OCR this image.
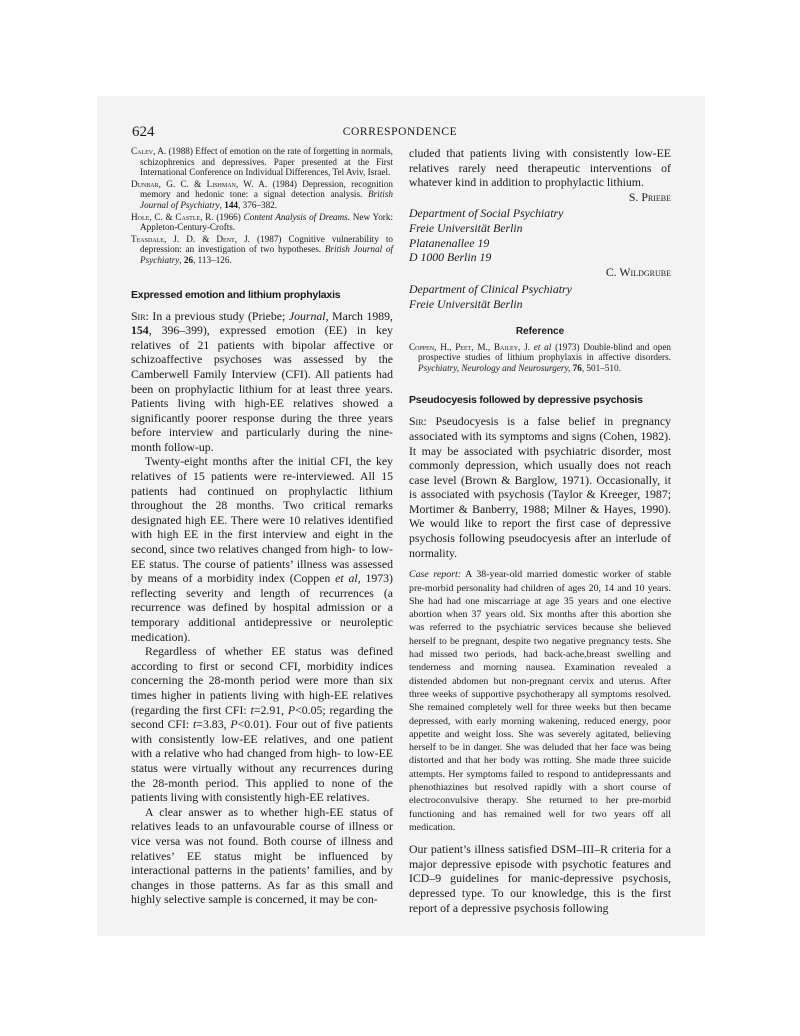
624	CORRESPONDENCE

Calev, A. (1988) Effect of emotion on the rate of forgetting in normals, schizophrenics and depressives. Paper presented at the First International Conference on Individual Differences, Tel Aviv, Israel.

Dunbar, G. C. & Lishman, W. A. (1984) Depression, recognition memory and hedonic tone: a signal detection analysis. British Journal of Psychiatry, 144, 376–382.

Hole, C. & Castle, R. (1966) Content Analysis of Dreams. New York: Appleton-Century-Crofts.

Teasdale, J. D. & Dent, J. (1987) Cognitive vulnerability to depression: an investigation of two hypotheses. British Journal of Psychiatry, 26, 113–126.

Expressed emotion and lithium prophylaxis

Sir: In a previous study (Priebe; Journal, March 1989, 154, 396–399), expressed emotion (EE) in key relatives of 21 patients with bipolar affective or schizoaffective psychoses was assessed by the Camberwell Family Interview (CFI). All patients had been on prophylactic lithium for at least three years. Patients living with high-EE relatives showed a significantly poorer response during the three years before interview and particularly during the nine-month follow-up.

Twenty-eight months after the initial CFI, the key relatives of 15 patients were re-interviewed. All 15 patients had continued on prophylactic lithium throughout the 28 months. Two critical remarks designated high EE. There were 10 relatives identified with high EE in the first interview and eight in the second, since two relatives changed from high- to low-EE status. The course of patients’ illness was assessed by means of a morbidity index (Coppen et al, 1973) reflecting severity and length of recurrences (a recurrence was defined by hospital admission or a temporary additional antidepressive or neuroleptic medication).

Regardless of whether EE status was defined according to first or second CFI, morbidity indices concerning the 28-month period were more than six times higher in patients living with high-EE relatives (regarding the first CFI: t=2.91, P<0.05; regarding the second CFI: t=3.83, P<0.01). Four out of five patients with consistently low-EE relatives, and one patient with a relative who had changed from high- to low-EE status were virtually without any recurrences during the 28-month period. This applied to none of the patients living with consistently high-EE relatives.

A clear answer as to whether high-EE status of relatives leads to an unfavourable course of illness or vice versa was not found. Both course of illness and relatives’ EE status might be influenced by interactional patterns in the patients’ families, and by changes in those patterns. As far as this small and highly selective sample is concerned, it may be con-

cluded that patients living with consistently low-EE relatives rarely need therapeutic interventions of whatever kind in addition to prophylactic lithium.

S. Priebe
Department of Social Psychiatry
Freie Universität Berlin
Platanenallee 19
D 1000 Berlin 19
C. Wildgrube
Department of Clinical Psychiatry
Freie Universität Berlin
Reference

Coppen, H., Peet, M., Bailey, J. et al (1973) Double-blind and open prospective studies of lithium prophylaxis in affective disorders. Psychiatry, Neurology and Neurosurgery, 76, 501–510.

Pseudocyesis followed by depressive psychosis

Sir: Pseudocyesis is a false belief in pregnancy associated with its symptoms and signs (Cohen, 1982). It may be associated with psychiatric disorder, most commonly depression, which usually does not reach case level (Brown & Barglow, 1971). Occasionally, it is associated with psychosis (Taylor & Kreeger, 1987; Mortimer & Banberry, 1988; Milner & Hayes, 1990). We would like to report the first case of depressive psychosis following pseudocyesis after an interlude of normality.

Case report: A 38-year-old married domestic worker of stable pre-morbid personality had children of ages 20, 14 and 10 years. She had had one miscarriage at age 35 years and one elective abortion when 37 years old. Six months after this abortion she was referred to the psychiatric services because she believed herself to be pregnant, despite two negative pregnancy tests. She had missed two periods, had back-ache,breast swelling and tenderness and morning nausea. Examination revealed a distended abdomen but non-pregnant cervix and uterus. After three weeks of supportive psychotherapy all symptoms resolved. She remained completely well for three weeks but then became depressed, with early morning wakening, reduced energy, poor appetite and weight loss. She was severely agitated, believing herself to be in danger. She was deluded that her face was being distorted and that her body was rotting. She made three suicide attempts. Her symptoms failed to respond to antidepressants and phenothiazines but resolved rapidly with a short course of electroconvulsive therapy. She returned to her pre-morbid functioning and has remained well for two years off all medication.

Our patient’s illness satisfied DSM–III–R criteria for a major depressive episode with psychotic features and ICD–9 guidelines for manic-depressive psychosis, depressed type. To our knowledge, this is the first report of a depressive psychosis following
